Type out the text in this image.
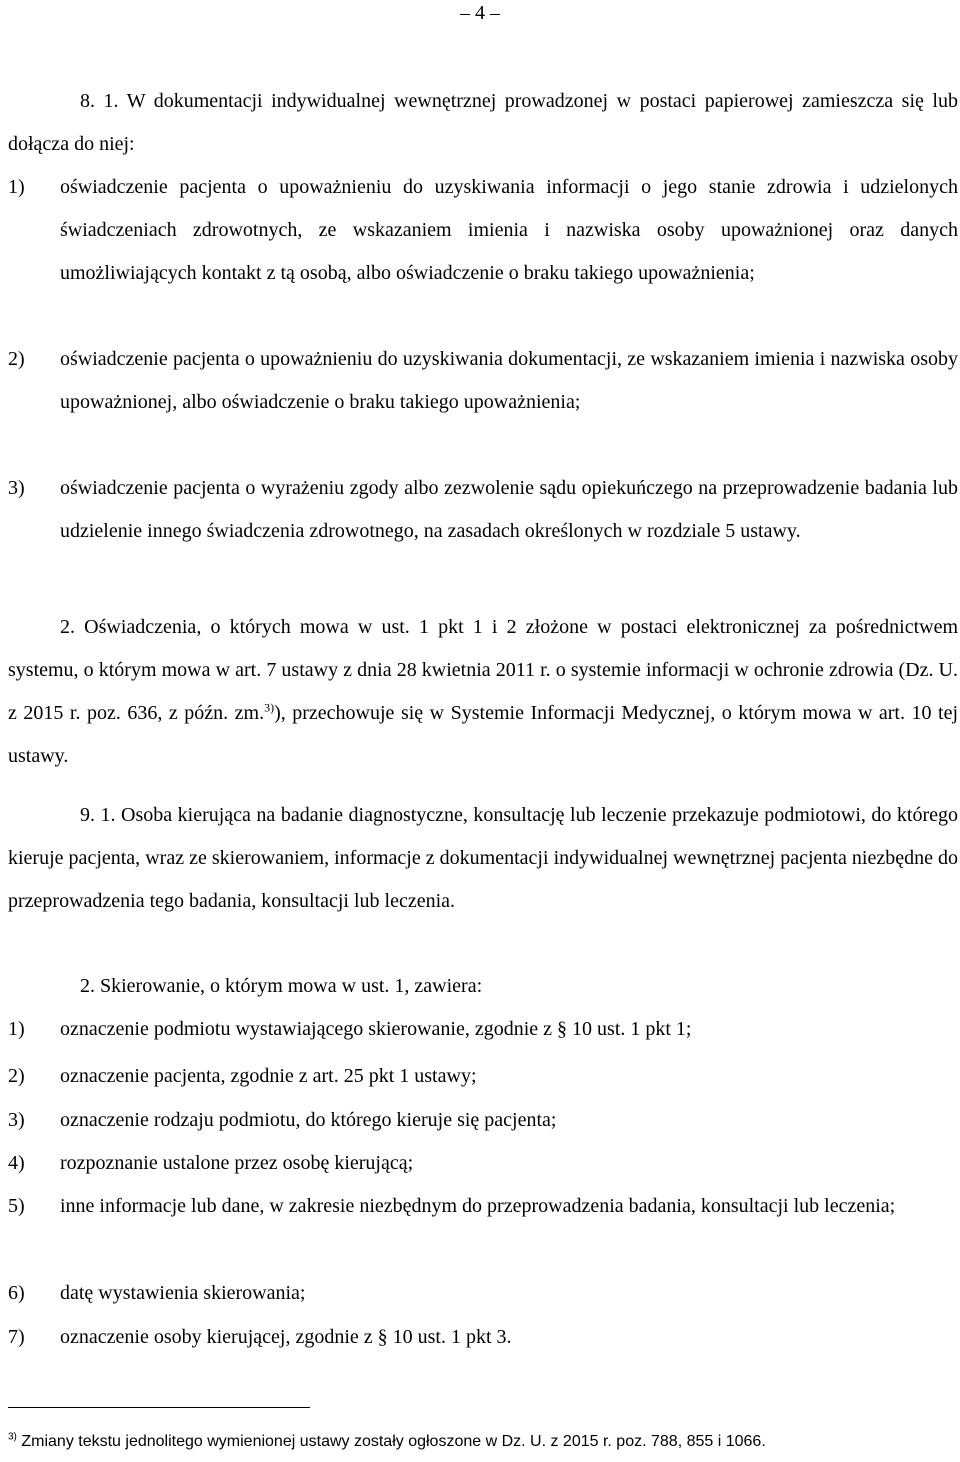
– 4 –
8. 1. W dokumentacji indywidualnej wewnętrznej prowadzonej w postaci papierowej zamieszcza się lub dołącza do niej:
1) oświadczenie pacjenta o upoważnieniu do uzyskiwania informacji o jego stanie zdrowia i udzielonych świadczeniach zdrowotnych, ze wskazaniem imienia i nazwiska osoby upoważnionej oraz danych umożliwiających kontakt z tą osobą, albo oświadczenie o braku takiego upoważnienia;
2) oświadczenie pacjenta o upoważnieniu do uzyskiwania dokumentacji, ze wskazaniem imienia i nazwiska osoby upoważnionej, albo oświadczenie o braku takiego upoważnienia;
3) oświadczenie pacjenta o wyrażeniu zgody albo zezwolenie sądu opiekuńczego na przeprowadzenie badania lub udzielenie innego świadczenia zdrowotnego, na zasadach określonych w rozdziale 5 ustawy.
2. Oświadczenia, o których mowa w ust. 1 pkt 1 i 2 złożone w postaci elektronicznej za pośrednictwem systemu, o którym mowa w art. 7 ustawy z dnia 28 kwietnia 2011 r. o systemie informacji w ochronie zdrowia (Dz. U. z 2015 r. poz. 636, z późn. zm.$^{3)}$), przechowuje się w Systemie Informacji Medycznej, o którym mowa w art. 10 tej ustawy.
9. 1. Osoba kierująca na badanie diagnostyczne, konsultację lub leczenie przekazuje podmiotowi, do którego kieruje pacjenta, wraz ze skierowaniem, informacje z dokumentacji indywidualnej wewnętrznej pacjenta niezbędne do przeprowadzenia tego badania, konsultacji lub leczenia.
2. Skierowanie, o którym mowa w ust. 1, zawiera:
1) oznaczenie podmiotu wystawiającego skierowanie, zgodnie z § 10 ust. 1 pkt 1;
2) oznaczenie pacjenta, zgodnie z art. 25 pkt 1 ustawy;
3) oznaczenie rodzaju podmiotu, do którego kieruje się pacjenta;
4) rozpoznanie ustalone przez osobę kierującą;
5) inne informacje lub dane, w zakresie niezbędnym do przeprowadzenia badania, konsultacji lub leczenia;
6) datę wystawienia skierowania;
7) oznaczenie osoby kierującej, zgodnie z § 10 ust. 1 pkt 3.
$^{3)}$ Zmiany tekstu jednolitego wymienionej ustawy zostały ogłoszone w Dz. U. z 2015 r. poz. 788, 855 i 1066.
